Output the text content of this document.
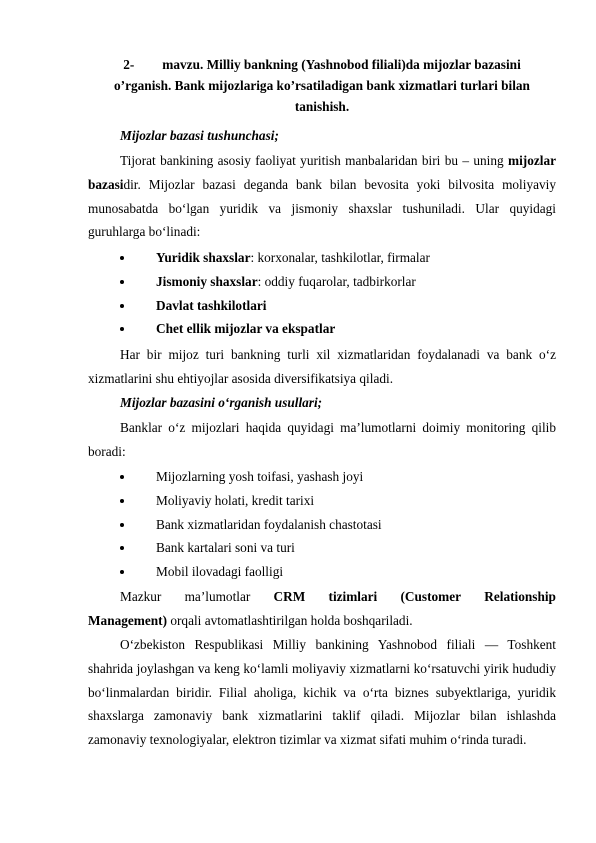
2- mavzu. Milliy bankning (Yashnobod filiali)da mijozlar bazasini
o’rganish. Bank mijozlariga ko’rsatiladigan bank xizmatlari turlari bilan
tanishish.
Mijozlar bazasi tushunchasi;
Tijorat bankining asosiy faoliyat yuritish manbalaridan biri bu – uning mijozlar bazasidir. Mijozlar bazasi deganda bank bilan bevosita yoki bilvosita moliyaviy munosabatda bo‘lgan yuridik va jismoniy shaxslar tushuniladi. Ular quyidagi guruhlarga bo‘linadi:
Yuridik shaxslar: korxonalar, tashkilotlar, firmalar
Jismoniy shaxslar: oddiy fuqarolar, tadbirkorlar
Davlat tashkilotlari
Chet ellik mijozlar va ekspatlar
Har bir mijoz turi bankning turli xil xizmatlaridan foydalanadi va bank o‘z xizmatlarini shu ehtiyojlar asosida diversifikatsiya qiladi.
Mijozlar bazasini o‘rganish usullari;
Banklar o‘z mijozlari haqida quyidagi ma’lumotlarni doimiy monitoring qilib boradi:
Mijozlarning yosh toifasi, yashash joyi
Moliyaviy holati, kredit tarixi
Bank xizmatlaridan foydalanish chastotasi
Bank kartalari soni va turi
Mobil ilovadagi faolligi
Mazkur ma’lumotlar CRM tizimlari (Customer Relationship
Management) orqali avtomatlashtirilgan holda boshqariladi.
O‘zbekiston Respublikasi Milliy bankining Yashnobod filiali — Toshkent shahrida joylashgan va keng ko‘lamli moliyaviy xizmatlarni ko‘rsatuvchi yirik hududiy bo‘linmalardan biridir. Filial aholiga, kichik va o‘rta biznes subyektlariga, yuridik shaxslarga zamonaviy bank xizmatlarini taklif qiladi. Mijozlar bilan ishlashda zamonaviy texnologiyalar, elektron tizimlar va xizmat sifati muhim o‘rinda turadi.
